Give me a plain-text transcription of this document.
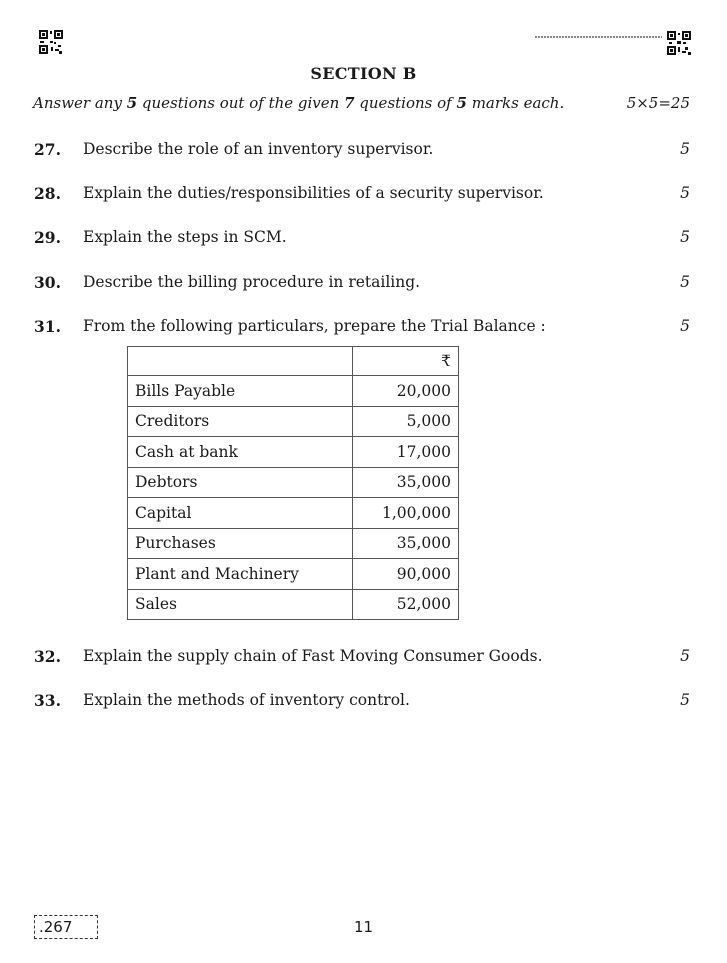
SECTION B
Answer any 5 questions out of the given 7 questions of 5 marks each.	5×5=25
27. Describe the role of an inventory supervisor.	5
28. Explain the duties/responsibilities of a security supervisor.	5
29. Explain the steps in SCM.	5
30. Describe the billing procedure in retailing.	5
31. From the following particulars, prepare the Trial Balance :	5
	₹
Bills Payable	20,000
Creditors	5,000
Cash at bank	17,000
Debtors	35,000
Capital	1,00,000
Purchases	35,000
Plant and Machinery	90,000
Sales	52,000
32. Explain the supply chain of Fast Moving Consumer Goods.	5
33. Explain the methods of inventory control.	5
.267	11
